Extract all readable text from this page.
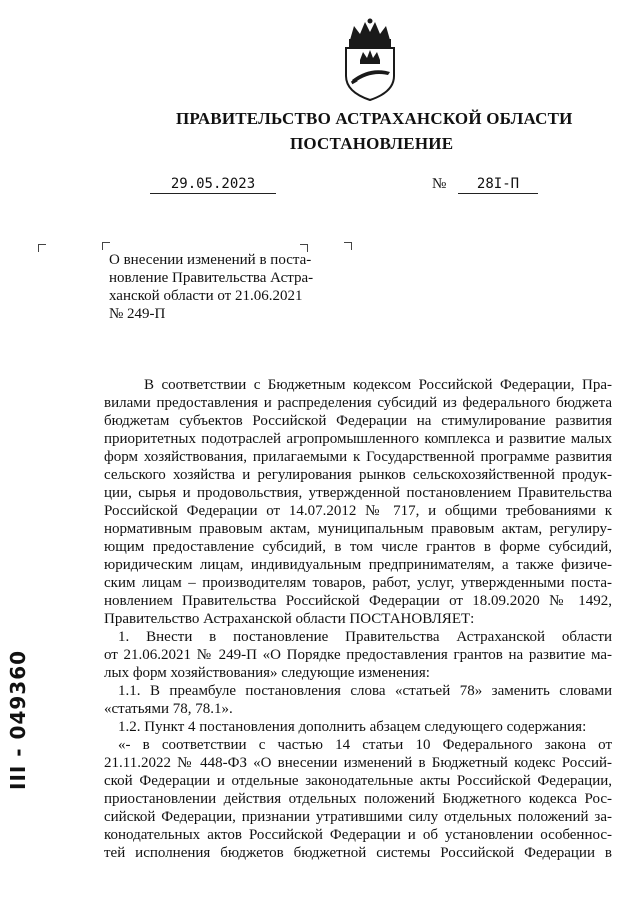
ПРАВИТЕЛЬСТВО АСТРАХАНСКОЙ ОБЛАСТИ
ПОСТАНОВЛЕНИЕ
29.05.2023	№	28I-П
О внесении изменений в поста-
новление Правительства Астра-
ханской области от 21.06.2021
№ 249-П
В соответствии с Бюджетным кодексом Российской Федерации, Пра-
вилами предоставления и распределения субсидий из федерального бюджета
бюджетам субъектов Российской Федерации на стимулирование развития
приоритетных подотраслей агропромышленного комплекса и развитие малых
форм хозяйствования, прилагаемыми к Государственной программе развития
сельского хозяйства и регулирования рынков сельскохозяйственной продук-
ции, сырья и продовольствия, утвержденной постановлением Правительства
Российской Федерации от 14.07.2012 № 717, и общими требованиями к
нормативным правовым актам, муниципальным правовым актам, регулиру-
ющим предоставление субсидий, в том числе грантов в форме субсидий,
юридическим лицам, индивидуальным предпринимателям, а также физиче-
ским лицам – производителям товаров, работ, услуг, утвержденными поста-
новлением Правительства Российской Федерации от 18.09.2020 № 1492,
Правительство Астраханской области ПОСТАНОВЛЯЕТ:
1. Внести в постановление Правительства Астраханской области
от 21.06.2021 № 249-П «О Порядке предоставления грантов на развитие ма-
лых форм хозяйствования» следующие изменения:
1.1. В преамбуле постановления слова «статьей 78» заменить словами
«статьями 78, 78.1».
1.2. Пункт 4 постановления дополнить абзацем следующего содержания:
«- в соответствии с частью 14 статьи 10 Федерального закона от
21.11.2022 № 448-ФЗ «О внесении изменений в Бюджетный кодекс Россий-
ской Федерации и отдельные законодательные акты Российской Федерации,
приостановлении действия отдельных положений Бюджетного кодекса Рос-
сийской Федерации, признании утратившими силу отдельных положений за-
конодательных актов Российской Федерации и об установлении особеннос-
тей исполнения бюджетов бюджетной системы Российской Федерации в
III - 049360
